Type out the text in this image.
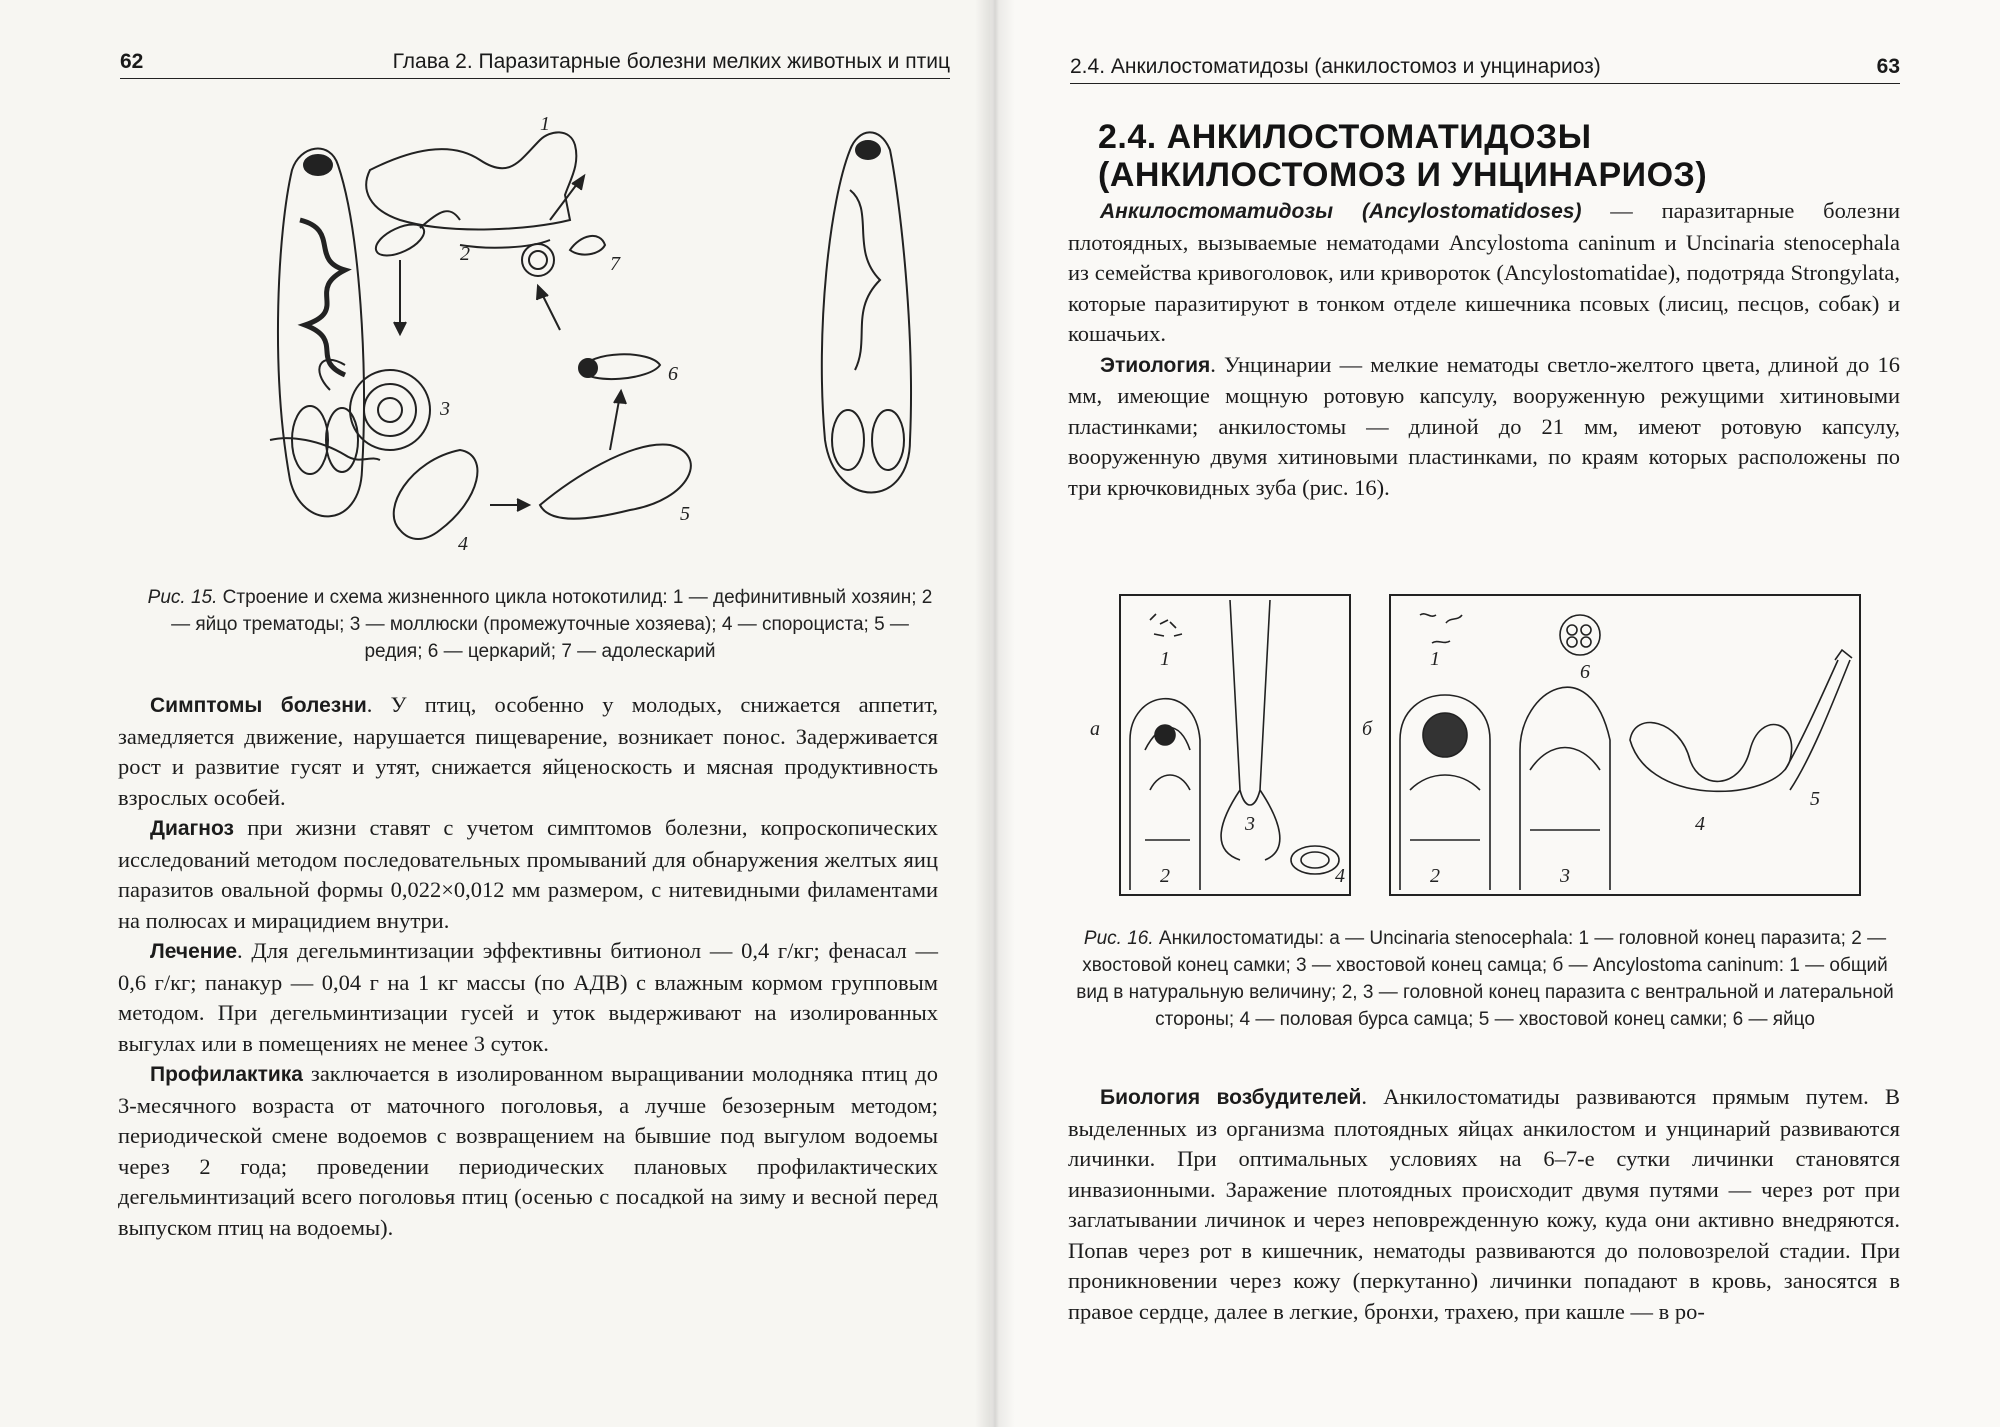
62	Глава 2. Паразитарные болезни мелких животных и птиц
1
2
3
4
5
6
7
Рис. 15. Строение и схема жизненного цикла нотокотилид: 1 — дефинитивный хозяин; 2 — яйцо трематоды; 3 — моллюски (промежуточные хозяева); 4 — спороциста; 5 — редия; 6 — церкарий; 7 — адолескарий

Симптомы болезни. У птиц, особенно у молодых, снижается аппетит, замедляется движение, нарушается пищеварение, возникает понос. Задерживается рост и развитие гусят и утят, снижается яйценоскость и мясная продуктивность взрослых особей.

Диагноз при жизни ставят с учетом симптомов болезни, копроскопических исследований методом последовательных промываний для обнаружения желтых яиц паразитов овальной формы 0,022×0,012 мм размером, с нитевидными филаментами на полюсах и мирацидием внутри.

Лечение. Для дегельминтизации эффективны битионол — 0,4 г/кг; фенасал — 0,6 г/кг; панакур — 0,04 г на 1 кг массы (по АДВ) с влажным кормом групповым методом. При дегельминтизации гусей и уток выдерживают на изолированных выгулах или в помещениях не менее 3 суток.

Профилактика заключается в изолированном выращивании молодняка птиц до 3-месячного возраста от маточного поголовья, а лучше безозерным методом; периодической смене водоемов с возвращением на бывшие под выгулом водоемы через 2 года; проведении периодических плановых профилактических дегельминтизаций всего поголовья птиц (осенью с посадкой на зиму и весной перед выпуском птиц на водоемы).

2.4. Анкилостоматидозы (анкилостомоз и унцинариоз)	63
2.4. АНКИЛОСТОМАТИДОЗЫ
(АНКИЛОСТОМОЗ И УНЦИНАРИОЗ)

Анкилостоматидозы (Ancylostomatidoses) — паразитарные болезни плотоядных, вызываемые нематодами Ancylostoma caninum и Uncinaria stenocephala из семейства кривоголовок, или кривороток (Ancylostomatidae), подотряда Strongylata, которые паразитируют в тонком отделе кишечника псовых (лисиц, песцов, собак) и кошачьих.

Этиология. Унцинарии — мелкие нематоды светло-желтого цвета, длиной до 16 мм, имеющие мощную ротовую капсулу, вооруженную режущими хитиновыми пластинками; анкилостомы — длиной до 21 мм, имеют ротовую капсулу, вооруженную двумя хитиновыми пластинками, по краям которых расположены по три крючковидных зуба (рис. 16).

а	б
1
2
3
4
1
6
2	3
4
5
Рис. 16. Анкилостоматиды: а — Uncinaria stenocephala: 1 — головной конец паразита; 2 — хвостовой конец самки; 3 — хвостовой конец самца; б — Ancylostoma caninum: 1 — общий вид в натуральную величину; 2, 3 — головной конец паразита с вентральной и латеральной стороны; 4 — половая бурса самца; 5 — хвостовой конец самки; 6 — яйцо

Биология возбудителей. Анкилостоматиды развиваются прямым путем. В выделенных из организма плотоядных яйцах анкилостом и унцинарий развиваются личинки. При оптимальных условиях на 6–7-е сутки личинки становятся инвазионными. Заражение плотоядных происходит двумя путями — через рот при заглатывании личинок и через неповрежденную кожу, куда они активно внедряются. Попав через рот в кишечник, нематоды развиваются до половозрелой стадии. При проникновении через кожу (перкутанно) личинки попадают в кровь, заносятся в правое сердце, далее в легкие, бронхи, трахею, при кашле — в ро-
